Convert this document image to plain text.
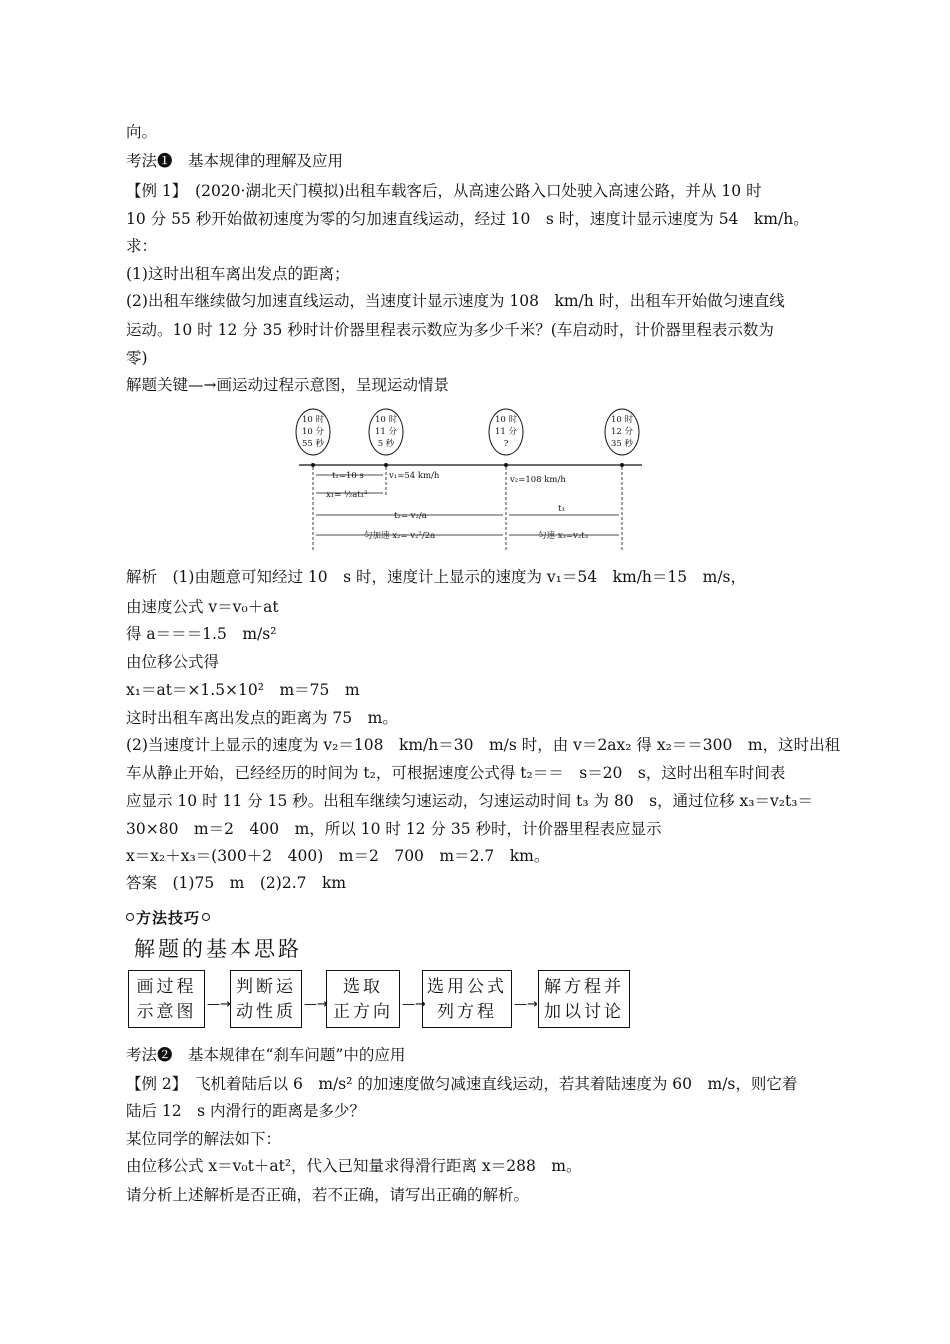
向。
考法❶　基本规律的理解及应用
【例 1】　(2020·湖北天门模拟)出租车载客后，从高速公路入口处驶入高速公路，并从 10 时
10 分 55 秒开始做初速度为零的匀加速直线运动，经过 10　s 时，速度计显示速度为 54　km/h。
求：
(1)这时出租车离出发点的距离；
(2)出租车继续做匀加速直线运动，当速度计显示速度为 108　km/h 时，出租车开始做匀速直线
运动。10 时 12 分 35 秒时计价器里程表示数应为多少千米？(车启动时，计价器里程表示数为
零)
解题关键—→画运动过程示意图，呈现运动情景
10 时
10 分
55 秒
10 时
11 分
5 秒
10 时
11 分
?
10 时
12 分
35 秒
t₁=10 s	v₁=54 km/h	v₂=108 km/h
x₁= ½at₁²
t₂= v₂/a
t₃
匀加速 x₂= v₂²/2a	匀速 x₃=v₂t₃
解析　(1)由题意可知经过 10　s 时，速度计上显示的速度为 v₁＝54　km/h＝15　m/s，
由速度公式 v＝v₀＋at
得 a＝＝＝1.5　m/s²
由位移公式得
x₁＝at＝×1.5×10²　m＝75　m
这时出租车离出发点的距离为 75　m。
(2)当速度计上显示的速度为 v₂＝108　km/h＝30　m/s 时，由 v＝2ax₂ 得 x₂＝＝300　m，这时出租
车从静止开始，已经经历的时间为 t₂，可根据速度公式得 t₂＝＝　s＝20　s，这时出租车时间表
应显示 10 时 11 分 15 秒。出租车继续匀速运动，匀速运动时间 t₃ 为 80　s，通过位移 x₃＝v₂t₃＝
30×80　m＝2　400　m，所以 10 时 12 分 35 秒时，计价器里程表应显示
x＝x₂＋x₃＝(300＋2　400)　m＝2　700　m＝2.7　km。
答案　(1)75　m　(2)2.7　km
方法技巧
解题的基本思路
画过程
示意图 —→
判断运
动性质 —→
选取
正方向 —→
选用公式
列方程	—→
解方程并
加以讨论
考法❷　基本规律在“刹车问题”中的应用
【例 2】　飞机着陆后以 6　m/s² 的加速度做匀减速直线运动，若其着陆速度为 60　m/s，则它着
陆后 12　s 内滑行的距离是多少？
某位同学的解法如下：
由位移公式 x＝v₀t＋at²，代入已知量求得滑行距离 x＝288　m。
请分析上述解析是否正确，若不正确，请写出正确的解析。
